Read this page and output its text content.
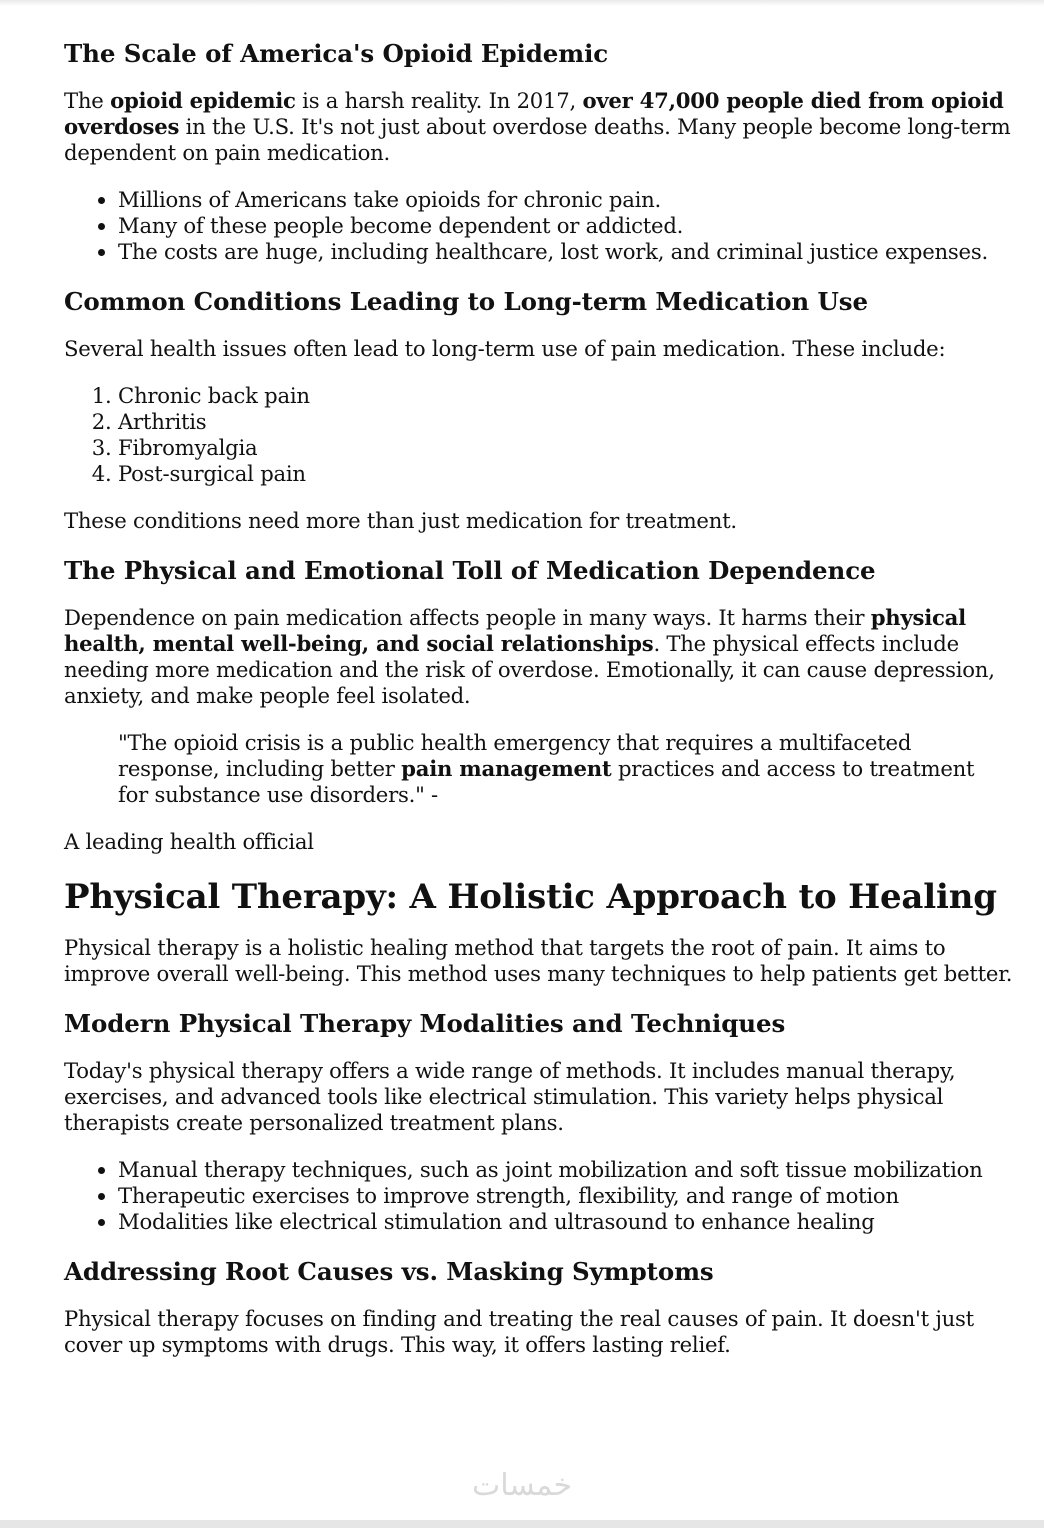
The Scale of America's Opioid Epidemic

The opioid epidemic is a harsh reality. In 2017, over 47,000 people died from opioid overdoses in the U.S. It's not just about overdose deaths. Many people become long-term dependent on pain medication.

• Millions of Americans take opioids for chronic pain.
• Many of these people become dependent or addicted.
• The costs are huge, including healthcare, lost work, and criminal justice expenses.
Common Conditions Leading to Long-term Medication Use

Several health issues often lead to long-term use of pain medication. These include:

1. Chronic back pain
2. Arthritis
3. Fibromyalgia
4. Post-surgical pain

These conditions need more than just medication for treatment.

The Physical and Emotional Toll of Medication Dependence

Dependence on pain medication affects people in many ways. It harms their physical health, mental well-being, and social relationships. The physical effects include needing more medication and the risk of overdose. Emotionally, it can cause depression, anxiety, and make people feel isolated.

"The opioid crisis is a public health emergency that requires a multifaceted response, including better pain management practices and access to treatment for substance use disorders." -

A leading health official

Physical Therapy: A Holistic Approach to Healing

Physical therapy is a holistic healing method that targets the root of pain. It aims to improve overall well-being. This method uses many techniques to help patients get better.

Modern Physical Therapy Modalities and Techniques

Today's physical therapy offers a wide range of methods. It includes manual therapy, exercises, and advanced tools like electrical stimulation. This variety helps physical therapists create personalized treatment plans.

• Manual therapy techniques, such as joint mobilization and soft tissue mobilization
• Therapeutic exercises to improve strength, flexibility, and range of motion
• Modalities like electrical stimulation and ultrasound to enhance healing
Addressing Root Causes vs. Masking Symptoms

Physical therapy focuses on finding and treating the real causes of pain. It doesn't just cover up symptoms with drugs. This way, it offers lasting relief.

خمسات
